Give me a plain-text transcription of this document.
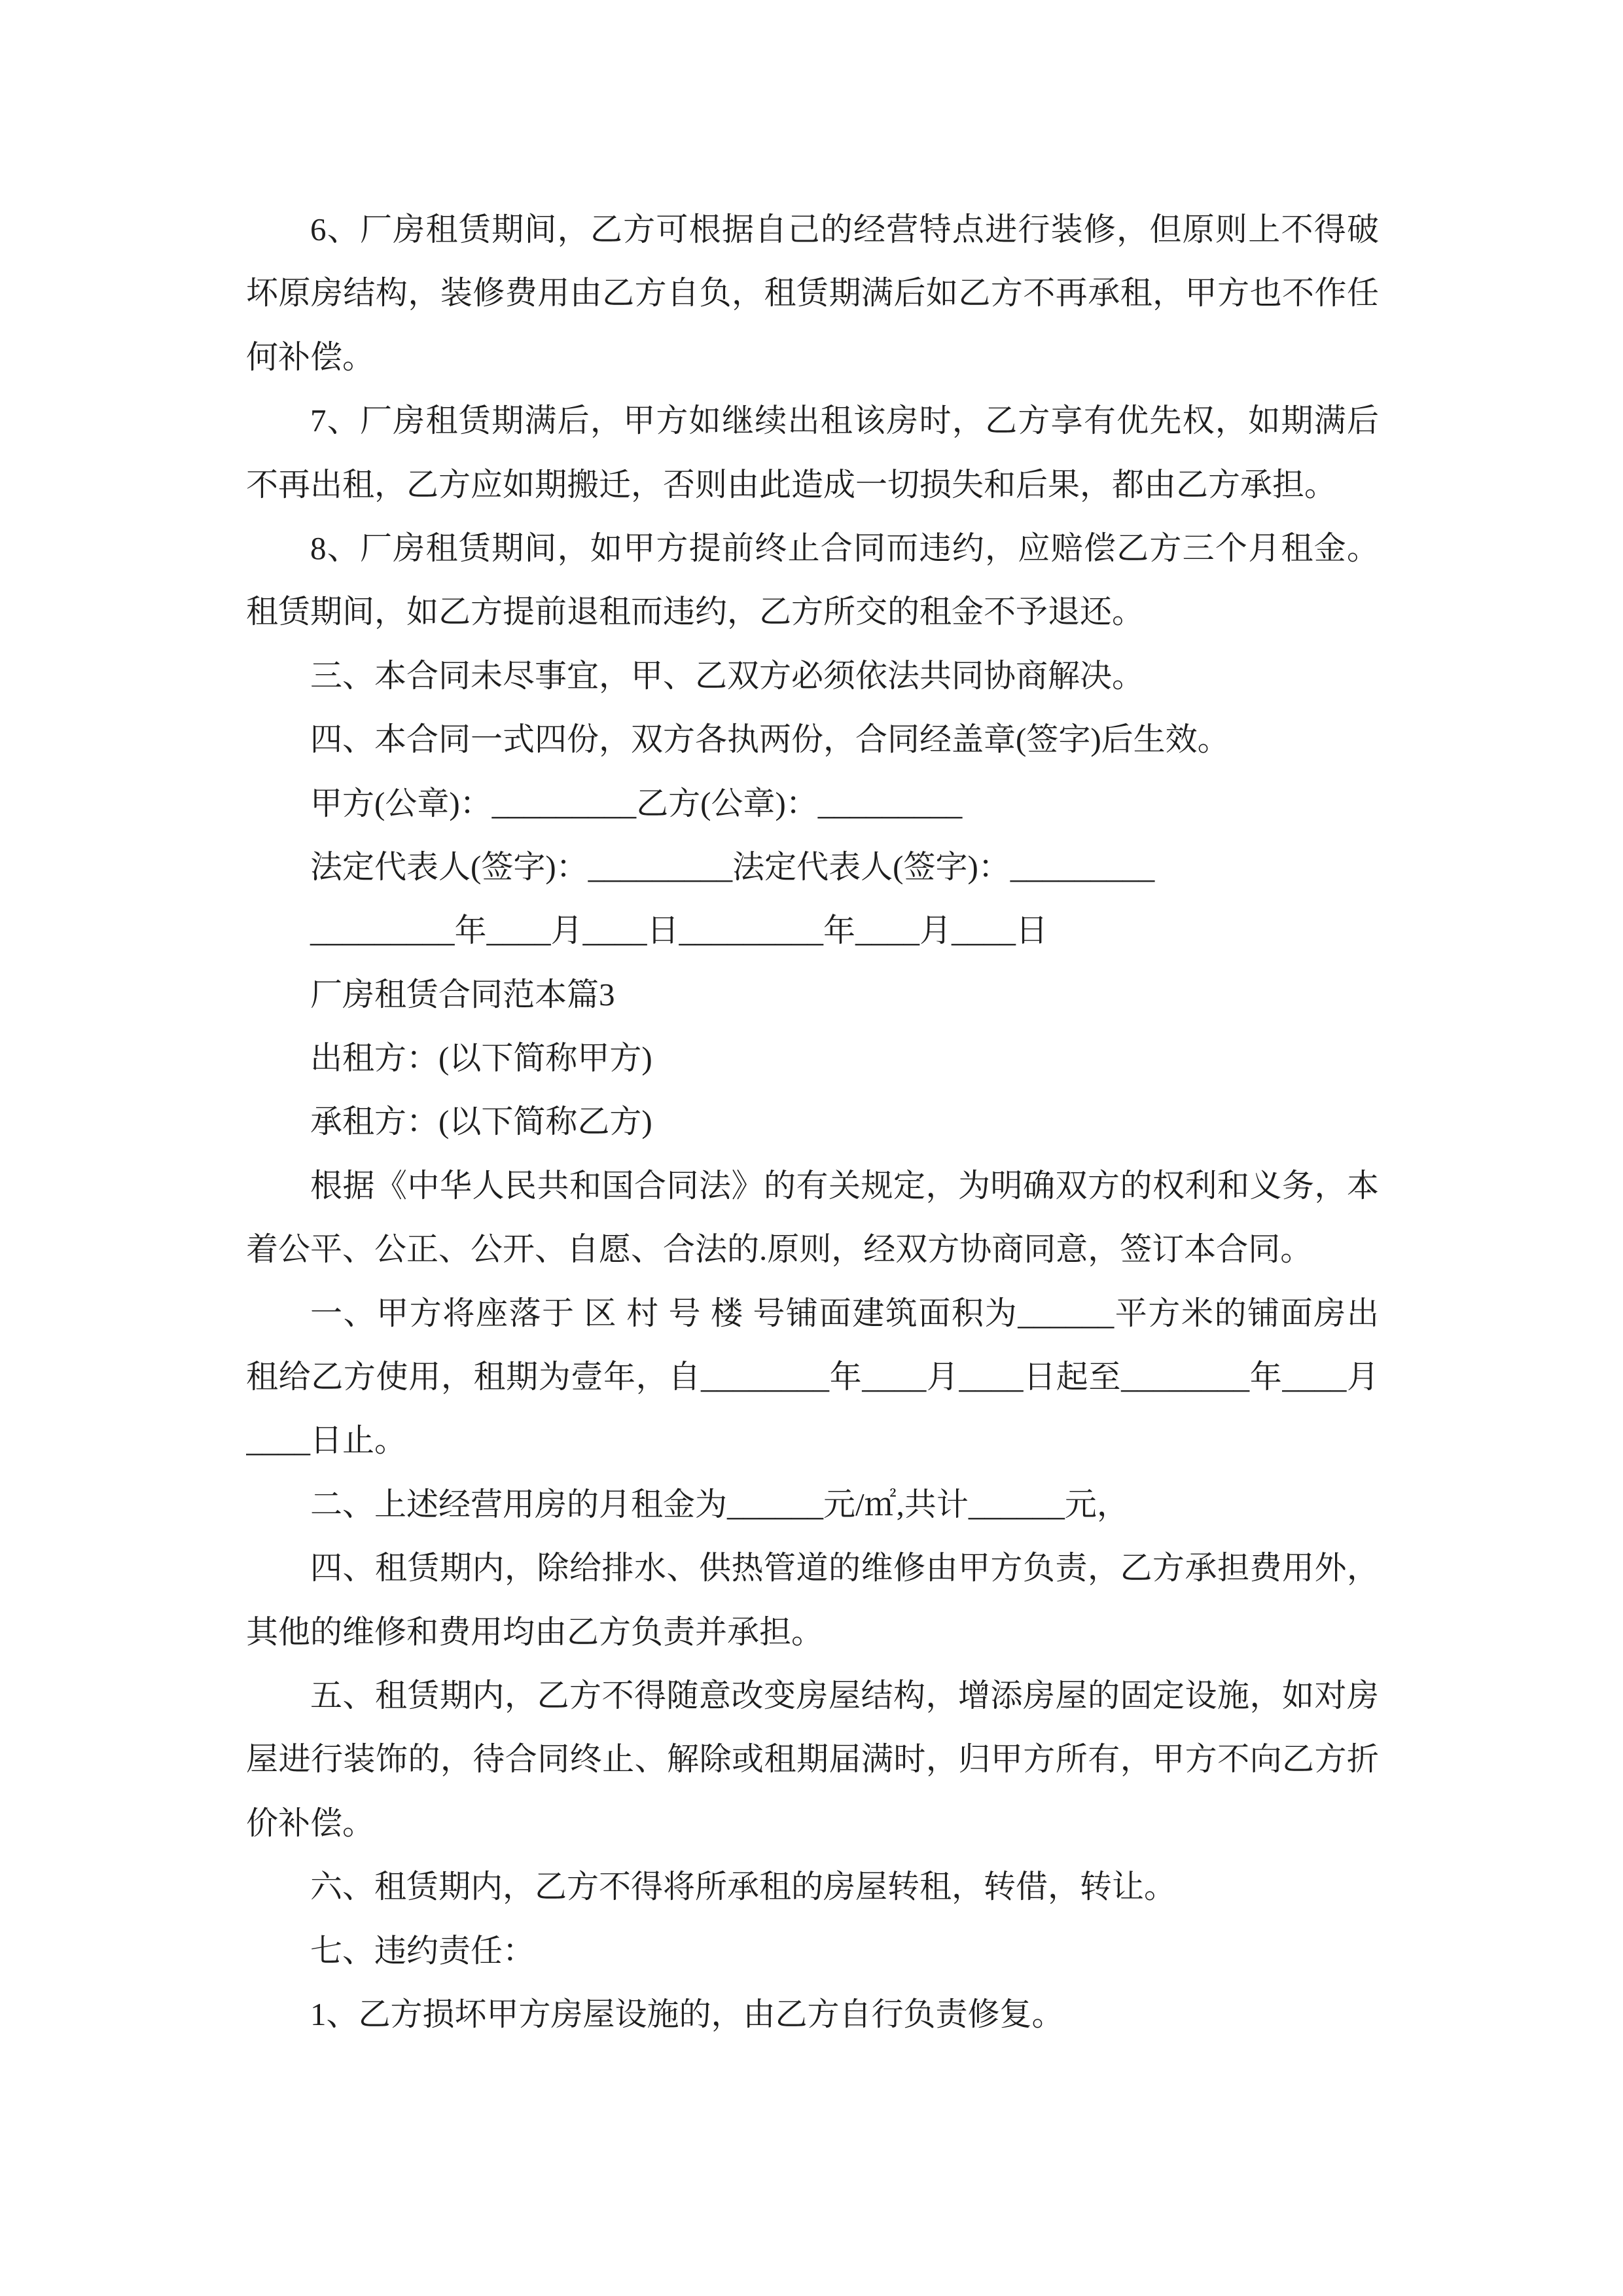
6、厂房租赁期间，乙方可根据自己的经营特点进行装修，但原则上不得破
坏原房结构，装修费用由乙方自负，租赁期满后如乙方不再承租，甲方也不作任
何补偿。
7、厂房租赁期满后，甲方如继续出租该房时，乙方享有优先权，如期满后
不再出租，乙方应如期搬迁，否则由此造成一切损失和后果，都由乙方承担。
8、厂房租赁期间，如甲方提前终止合同而违约，应赔偿乙方三个月租金。
租赁期间，如乙方提前退租而违约，乙方所交的租金不予退还。
三、本合同未尽事宜，甲、乙双方必须依法共同协商解决。
四、本合同一式四份，双方各执两份，合同经盖章(签字)后生效。
甲方(公章)：_________乙方(公章)：_________
法定代表人(签字)：_________法定代表人(签字)：_________
_________年____月____日_________年____月____日
厂房租赁合同范本篇3
出租方：(以下简称甲方)
承租方：(以下简称乙方)
根据《中华人民共和国合同法》的有关规定，为明确双方的权利和义务，本
着公平、公正、公开、自愿、合法的.原则，经双方协商同意，签订本合同。
一、甲方将座落于 区 村 号 楼 号铺面建筑面积为______平方米的铺面房出
租给乙方使用，租期为壹年，自________年____月____日起至________年____月
____日止。
二、上述经营用房的月租金为______元/㎡,共计______元，
四、租赁期内，除给排水、供热管道的维修由甲方负责，乙方承担费用外，
其他的维修和费用均由乙方负责并承担。
五、租赁期内，乙方不得随意改变房屋结构，增添房屋的固定设施，如对房
屋进行装饰的，待合同终止、解除或租期届满时，归甲方所有，甲方不向乙方折
价补偿。
六、租赁期内，乙方不得将所承租的房屋转租，转借，转让。
七、违约责任：
1、乙方损坏甲方房屋设施的，由乙方自行负责修复。
